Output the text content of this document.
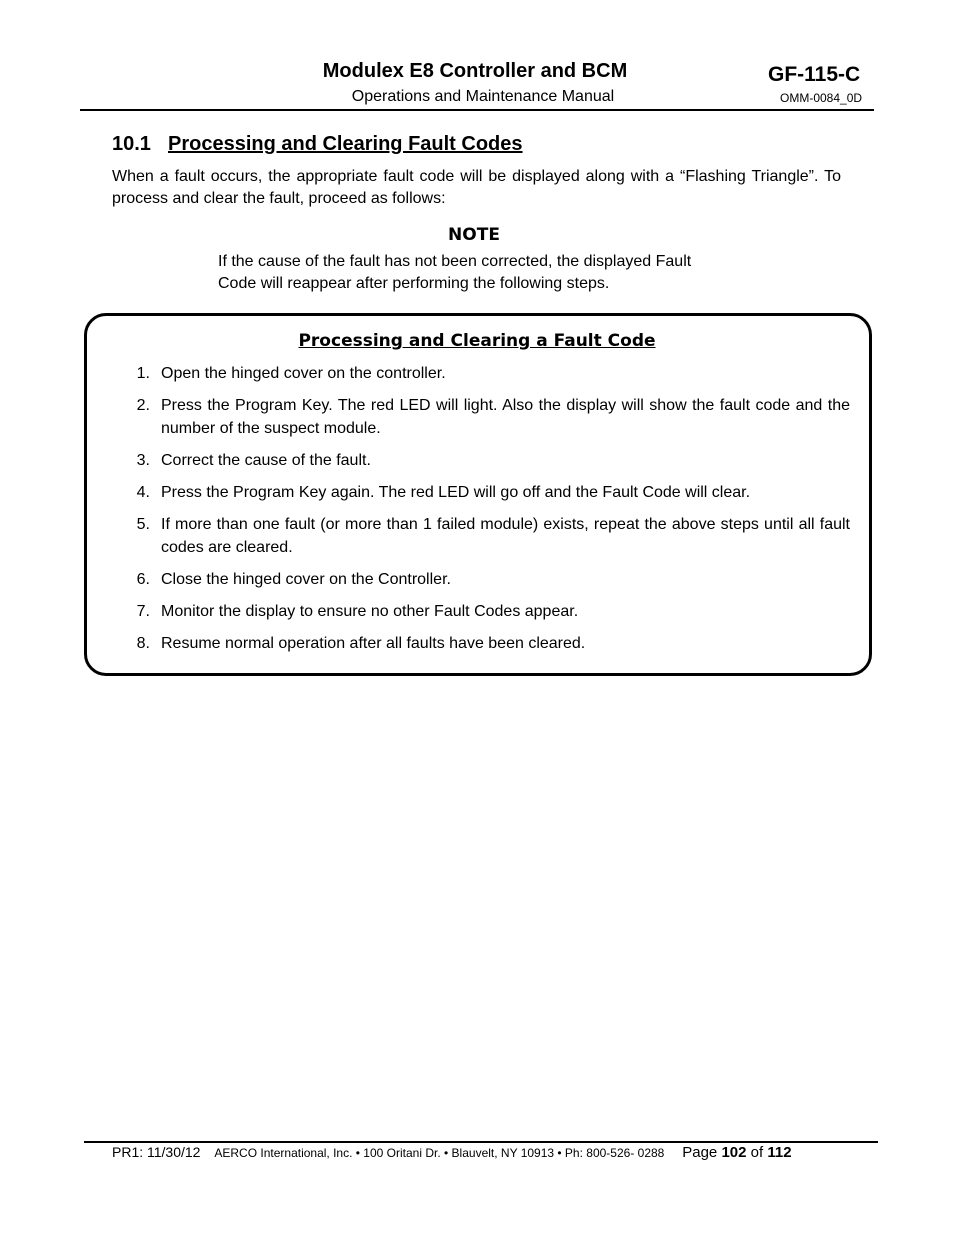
Modulex E8 Controller and BCM
Operations and Maintenance Manual
GF-115-C
OMM-0084_0D
10.1 Processing and Clearing Fault Codes

When a fault occurs, the appropriate fault code will be displayed along with a “Flashing Triangle”. To process and clear the fault, proceed as follows:

NOTE

If the cause of the fault has not been corrected, the displayed Fault
Code will reappear after performing the following steps.

Processing and Clearing a Fault Code
1. Open the hinged cover on the controller.
2. Press the Program Key. The red LED will light. Also the display will show the fault code and the number of the suspect module.
3. Correct the cause of the fault.
4. Press the Program Key again. The red LED will go off and the Fault Code will clear.
5. If more than one fault (or more than 1 failed module) exists, repeat the above steps until all fault codes are cleared.
6. Close the hinged cover on the Controller.
7. Monitor the display to ensure no other Fault Codes appear.
8. Resume normal operation after all faults have been cleared.
PR1: 11/30/12 AERCO International, Inc. • 100 Oritani Dr. • Blauvelt, NY 10913 • Ph: 800-526- 0288 Page 102 of 112
